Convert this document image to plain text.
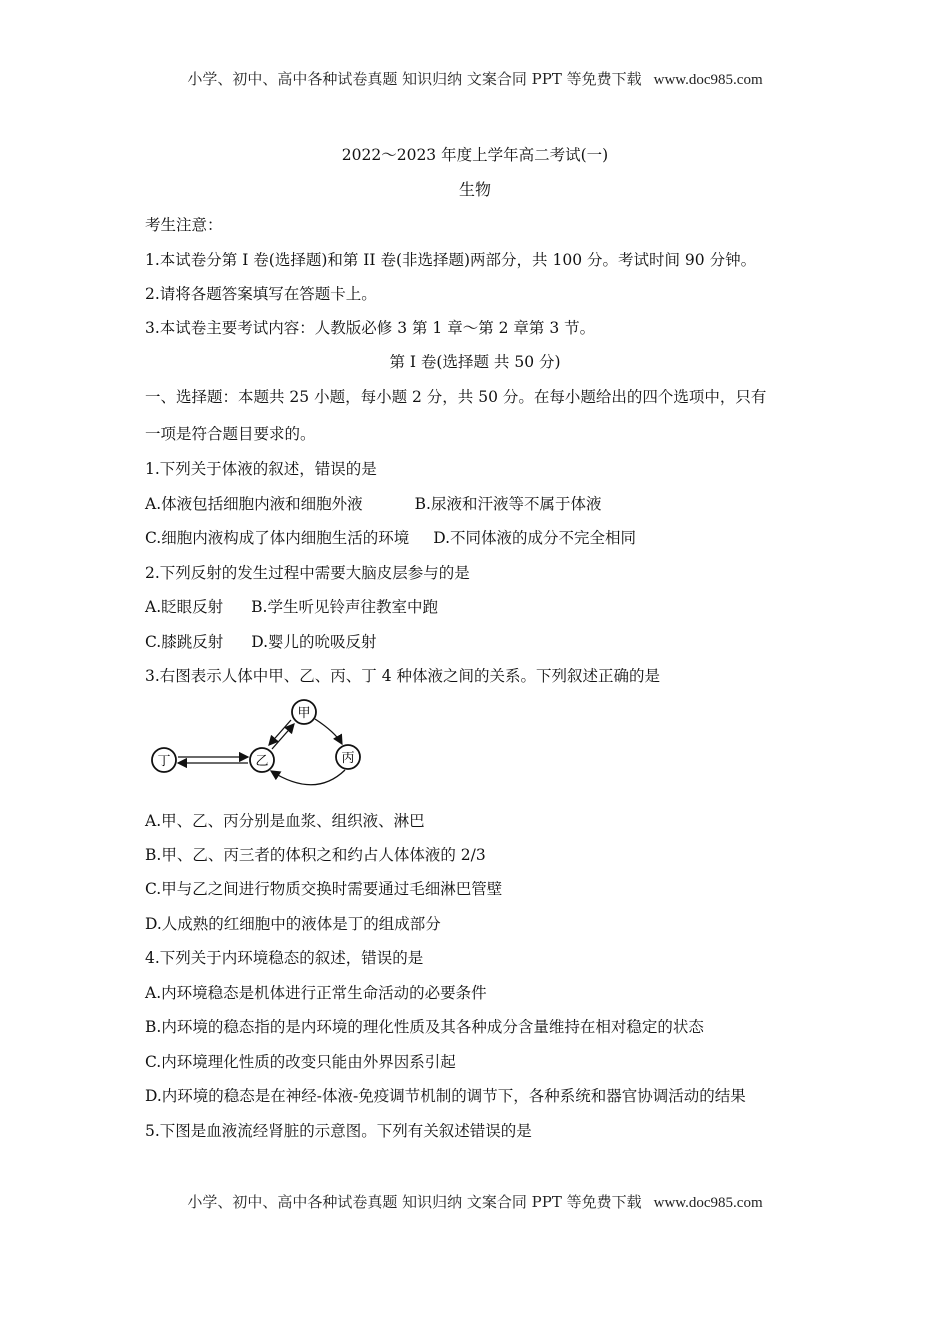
小学、初中、高中各种试卷真题 知识归纳 文案合同 PPT 等免费下载 www.doc985.com
2022～2023 年度上学年高二考试(一)
生物
考生注意：
1.本试卷分第 I 卷(选择题)和第 II 卷(非选择题)两部分，共 100 分。考试时间 90 分钟。
2.请将各题答案填写在答题卡上。
3.本试卷主要考试内容：人教版必修 3 第 1 章～第 2 章第 3 节。
第 I 卷(选择题 共 50 分)
一、选择题：本题共 25 小题，每小题 2 分，共 50 分。在每小题给出的四个选项中，只有
一项是符合题目要求的。
1.下列关于体液的叙述，错误的是
A.体液包括细胞内液和细胞外液	B.尿液和汗液等不属于体液
C.细胞内液构成了体内细胞生活的环境 D.不同体液的成分不完全相同
2.下列反射的发生过程中需要大脑皮层参与的是
A.眨眼反射 B.学生听见铃声往教室中跑
C.膝跳反射 D.婴儿的吮吸反射
3.右图表示人体中甲、乙、丙、丁 4 种体液之间的关系。下列叙述正确的是
甲
乙	丙
丁
A.甲、乙、丙分别是血浆、组织液、淋巴
B.甲、乙、丙三者的体积之和约占人体体液的 2/3
C.甲与乙之间进行物质交换时需要通过毛细淋巴管壁
D.人成熟的红细胞中的液体是丁的组成部分
4.下列关于内环境稳态的叙述，错误的是
A.内环境稳态是机体进行正常生命活动的必要条件
B.内环境的稳态指的是内环境的理化性质及其各种成分含量维持在相对稳定的状态
C.内环境理化性质的改变只能由外界因系引起
D.内环境的稳态是在神经-体液-免疫调节机制的调节下，各种系统和器官协调活动的结果
5.下图是血液流经肾脏的示意图。下列有关叙述错误的是
小学、初中、高中各种试卷真题 知识归纳 文案合同 PPT 等免费下载 www.doc985.com
